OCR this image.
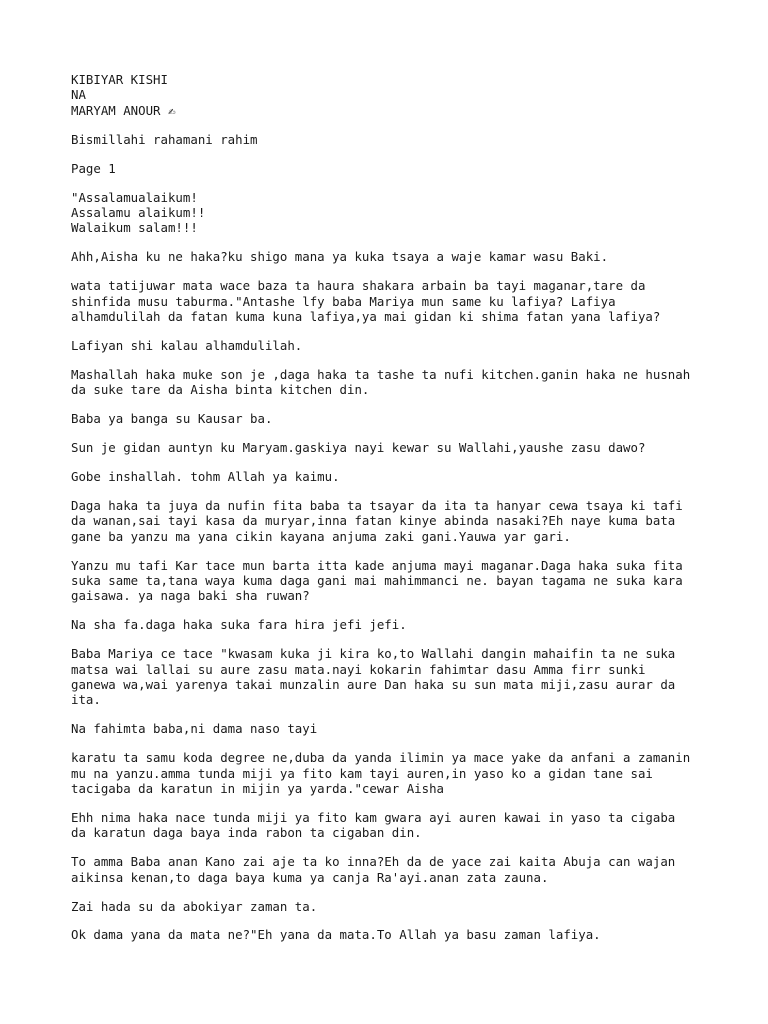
KIBIYAR KISHI
NA
MARYAM ANOUR ✍
Bismillahi rahamani rahim
Page 1
"Assalamualaikum!
Assalamu alaikum!!
Walaikum salam!!!
Ahh,Aisha ku ne haka?ku shigo mana ya kuka tsaya a waje kamar wasu Baki.
wata tatijuwar mata wace baza ta haura shakara arbain ba tayi maganar,tare da
shinfida musu taburma."Antashe lfy baba Mariya mun same ku lafiya? Lafiya
alhamdulilah da fatan kuma kuna lafiya,ya mai gidan ki shima fatan yana lafiya?
Lafiyan shi kalau alhamdulilah.
Mashallah haka muke son je ,daga haka ta tashe ta nufi kitchen.ganin haka ne husnah
da suke tare da Aisha binta kitchen din.
Baba ya banga su Kausar ba.
Sun je gidan auntyn ku Maryam.gaskiya nayi kewar su Wallahi,yaushe zasu dawo?
Gobe inshallah. tohm Allah ya kaimu.
Daga haka ta juya da nufin fita baba ta tsayar da ita ta hanyar cewa tsaya ki tafi
da wanan,sai tayi kasa da muryar,inna fatan kinye abinda nasaki?Eh naye kuma bata
gane ba yanzu ma yana cikin kayana anjuma zaki gani.Yauwa yar gari.
Yanzu mu tafi Kar tace mun barta itta kade anjuma mayi maganar.Daga haka suka fita
suka same ta,tana waya kuma daga gani mai mahimmanci ne. bayan tagama ne suka kara
gaisawa. ya naga baki sha ruwan?
Na sha fa.daga haka suka fara hira jefi jefi.
Baba Mariya ce tace "kwasam kuka ji kira ko,to Wallahi dangin mahaifin ta ne suka
matsa wai lallai su aure zasu mata.nayi kokarin fahimtar dasu Amma firr sunki
ganewa wa,wai yarenya takai munzalin aure Dan haka su sun mata miji,zasu aurar da
ita.
Na fahimta baba,ni dama naso tayi
karatu ta samu koda degree ne,duba da yanda ilimin ya mace yake da anfani a zamanin
mu na yanzu.amma tunda miji ya fito kam tayi auren,in yaso ko a gidan tane sai
tacigaba da karatun in mijin ya yarda."cewar Aisha
Ehh nima haka nace tunda miji ya fito kam gwara ayi auren kawai in yaso ta cigaba
da karatun daga baya inda rabon ta cigaban din.
To amma Baba anan Kano zai aje ta ko inna?Eh da de yace zai kaita Abuja can wajan
aikinsa kenan,to daga baya kuma ya canja Ra'ayi.anan zata zauna.
Zai hada su da abokiyar zaman ta.
Ok dama yana da mata ne?"Eh yana da mata.To Allah ya basu zaman lafiya.
